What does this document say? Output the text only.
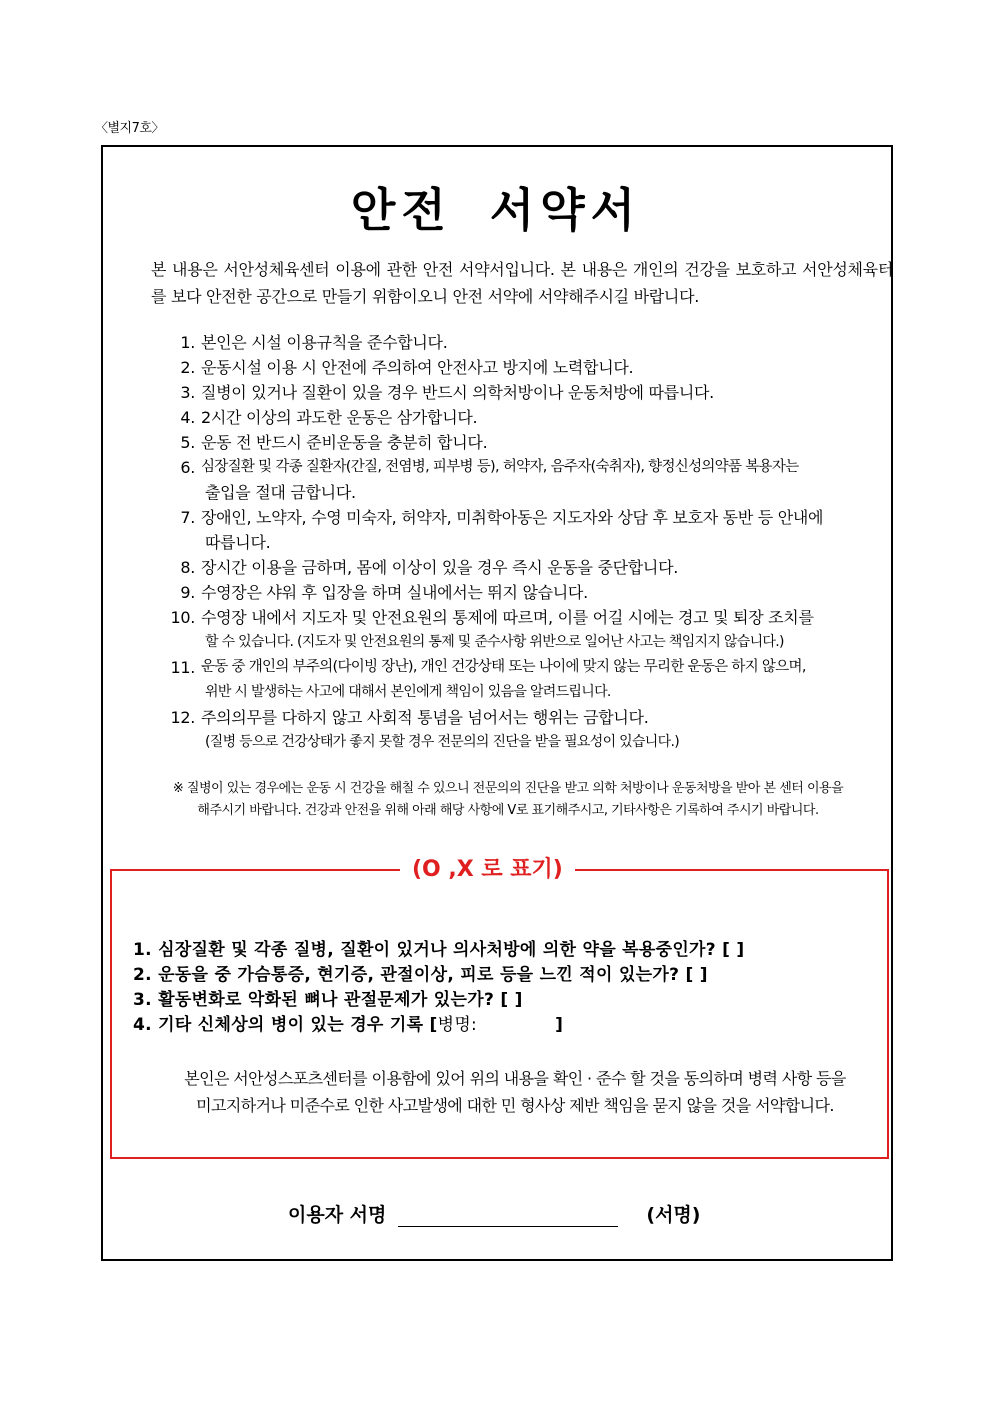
〈별지7호〉
안전 서약서
본 내용은 서안성체육센터 이용에 관한 안전 서약서입니다. 본 내용은 개인의 건강을 보호하고 서안성체육터를 보다 안전한 공간으로 만들기 위함이오니 안전 서약에 서약해주시길 바랍니다.
1. 본인은 시설 이용규칙을 준수합니다.
2. 운동시설 이용 시 안전에 주의하여 안전사고 방지에 노력합니다.
3. 질병이 있거나 질환이 있을 경우 반드시 의학처방이나 운동처방에 따릅니다.
4. 2시간 이상의 과도한 운동은 삼가합니다.
5. 운동 전 반드시 준비운동을 충분히 합니다.
6. 심장질환 및 각종 질환자(간질, 전염병, 피부병 등), 허약자, 음주자(숙취자), 향정신성의약품 복용자는
출입을 절대 금합니다.
7. 장애인, 노약자, 수영 미숙자, 허약자, 미취학아동은 지도자와 상담 후 보호자 동반 등 안내에
따릅니다.
8. 장시간 이용을 금하며, 몸에 이상이 있을 경우 즉시 운동을 중단합니다.
9. 수영장은 샤워 후 입장을 하며 실내에서는 뛰지 않습니다.
10. 수영장 내에서 지도자 및 안전요원의 통제에 따르며, 이를 어길 시에는 경고 및 퇴장 조치를
할 수 있습니다. (지도자 및 안전요원의 통제 및 준수사항 위반으로 일어난 사고는 책임지지 않습니다.)
11. 운동 중 개인의 부주의(다이빙 장난), 개인 건강상태 또는 나이에 맞지 않는 무리한 운동은 하지 않으며,
위반 시 발생하는 사고에 대해서 본인에게 책임이 있음을 알려드립니다.
12. 주의의무를 다하지 않고 사회적 통념을 넘어서는 행위는 금합니다.
(질병 등으로 건강상태가 좋지 못할 경우 전문의의 진단을 받을 필요성이 있습니다.)
※ 질병이 있는 경우에는 운동 시 건강을 해칠 수 있으니 전문의의 진단을 받고 의학 처방이나 운동처방을 받아 본 센터 이용을
해주시기 바랍니다. 건강과 안전을 위해 아래 해당 사항에 V로 표기해주시고, 기타사항은 기록하여 주시기 바랍니다.
(O ,X 로 표기)
1. 심장질환 및 각종 질병, 질환이 있거나 의사처방에 의한 약을 복용중인가? [ ]
2. 운동을 중 가슴통증, 현기증, 관절이상, 피로 등을 느낀 적이 있는가? [ ]
3. 활동변화로 악화된 뼈나 관절문제가 있는가? [ ]
4. 기타 신체상의 병이 있는 경우 기록 [병명:	]
본인은 서안성스포츠센터를 이용함에 있어 위의 내용을 확인 · 준수 할 것을 동의하며 병력 사항 등을
미고지하거나 미준수로 인한 사고발생에 대한 민 형사상 제반 책임을 묻지 않을 것을 서약합니다.
이용자 서명	(서명)
